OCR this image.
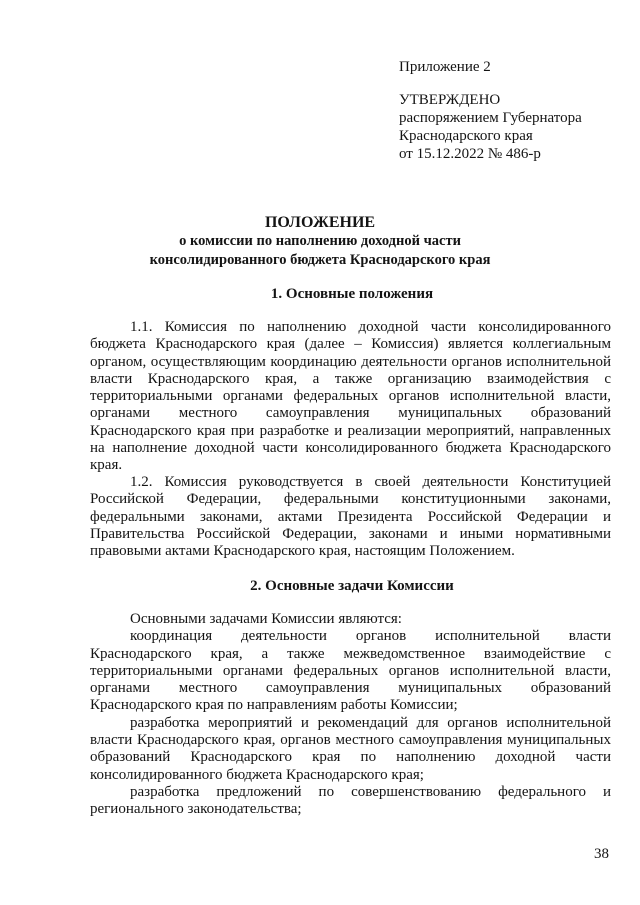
Приложение 2
УТВЕРЖДЕНО
распоряжением Губернатора
Краснодарского края
от 15.12.2022 № 486-р
ПОЛОЖЕНИЕ
о комиссии по наполнению доходной части
консолидированного бюджета Краснодарского края
1. Основные положения

1.1. Комиссия по наполнению доходной части консолидированного бюджета Краснодарского края (далее – Комиссия) является коллегиальным органом, осуществляющим координацию деятельности органов исполнительной власти Краснодарского края, а также организацию взаимодействия с территориальными органами федеральных органов исполнительной власти, органами местного самоуправления муниципальных образований Краснодарского края при разработке и реализации мероприятий, направленных на наполнение доходной части консолидированного бюджета Краснодарского края.

1.2. Комиссия руководствуется в своей деятельности Конституцией Российской Федерации, федеральными конституционными законами, федеральными законами, актами Президента Российской Федерации и Правительства Российской Федерации, законами и иными нормативными правовыми актами Краснодарского края, настоящим Положением.

2. Основные задачи Комиссии

Основными задачами Комиссии являются:

координация деятельности органов исполнительной власти Краснодарского края, а также межведомственное взаимодействие с территориальными органами федеральных органов исполнительной власти, органами местного самоуправления муниципальных образований Краснодарского края по направлениям работы Комиссии;

разработка мероприятий и рекомендаций для органов исполнительной власти Краснодарского края, органов местного самоуправления муниципальных образований Краснодарского края по наполнению доходной части консолидированного бюджета Краснодарского края;

разработка предложений по совершенствованию федерального и регионального законодательства;

38
